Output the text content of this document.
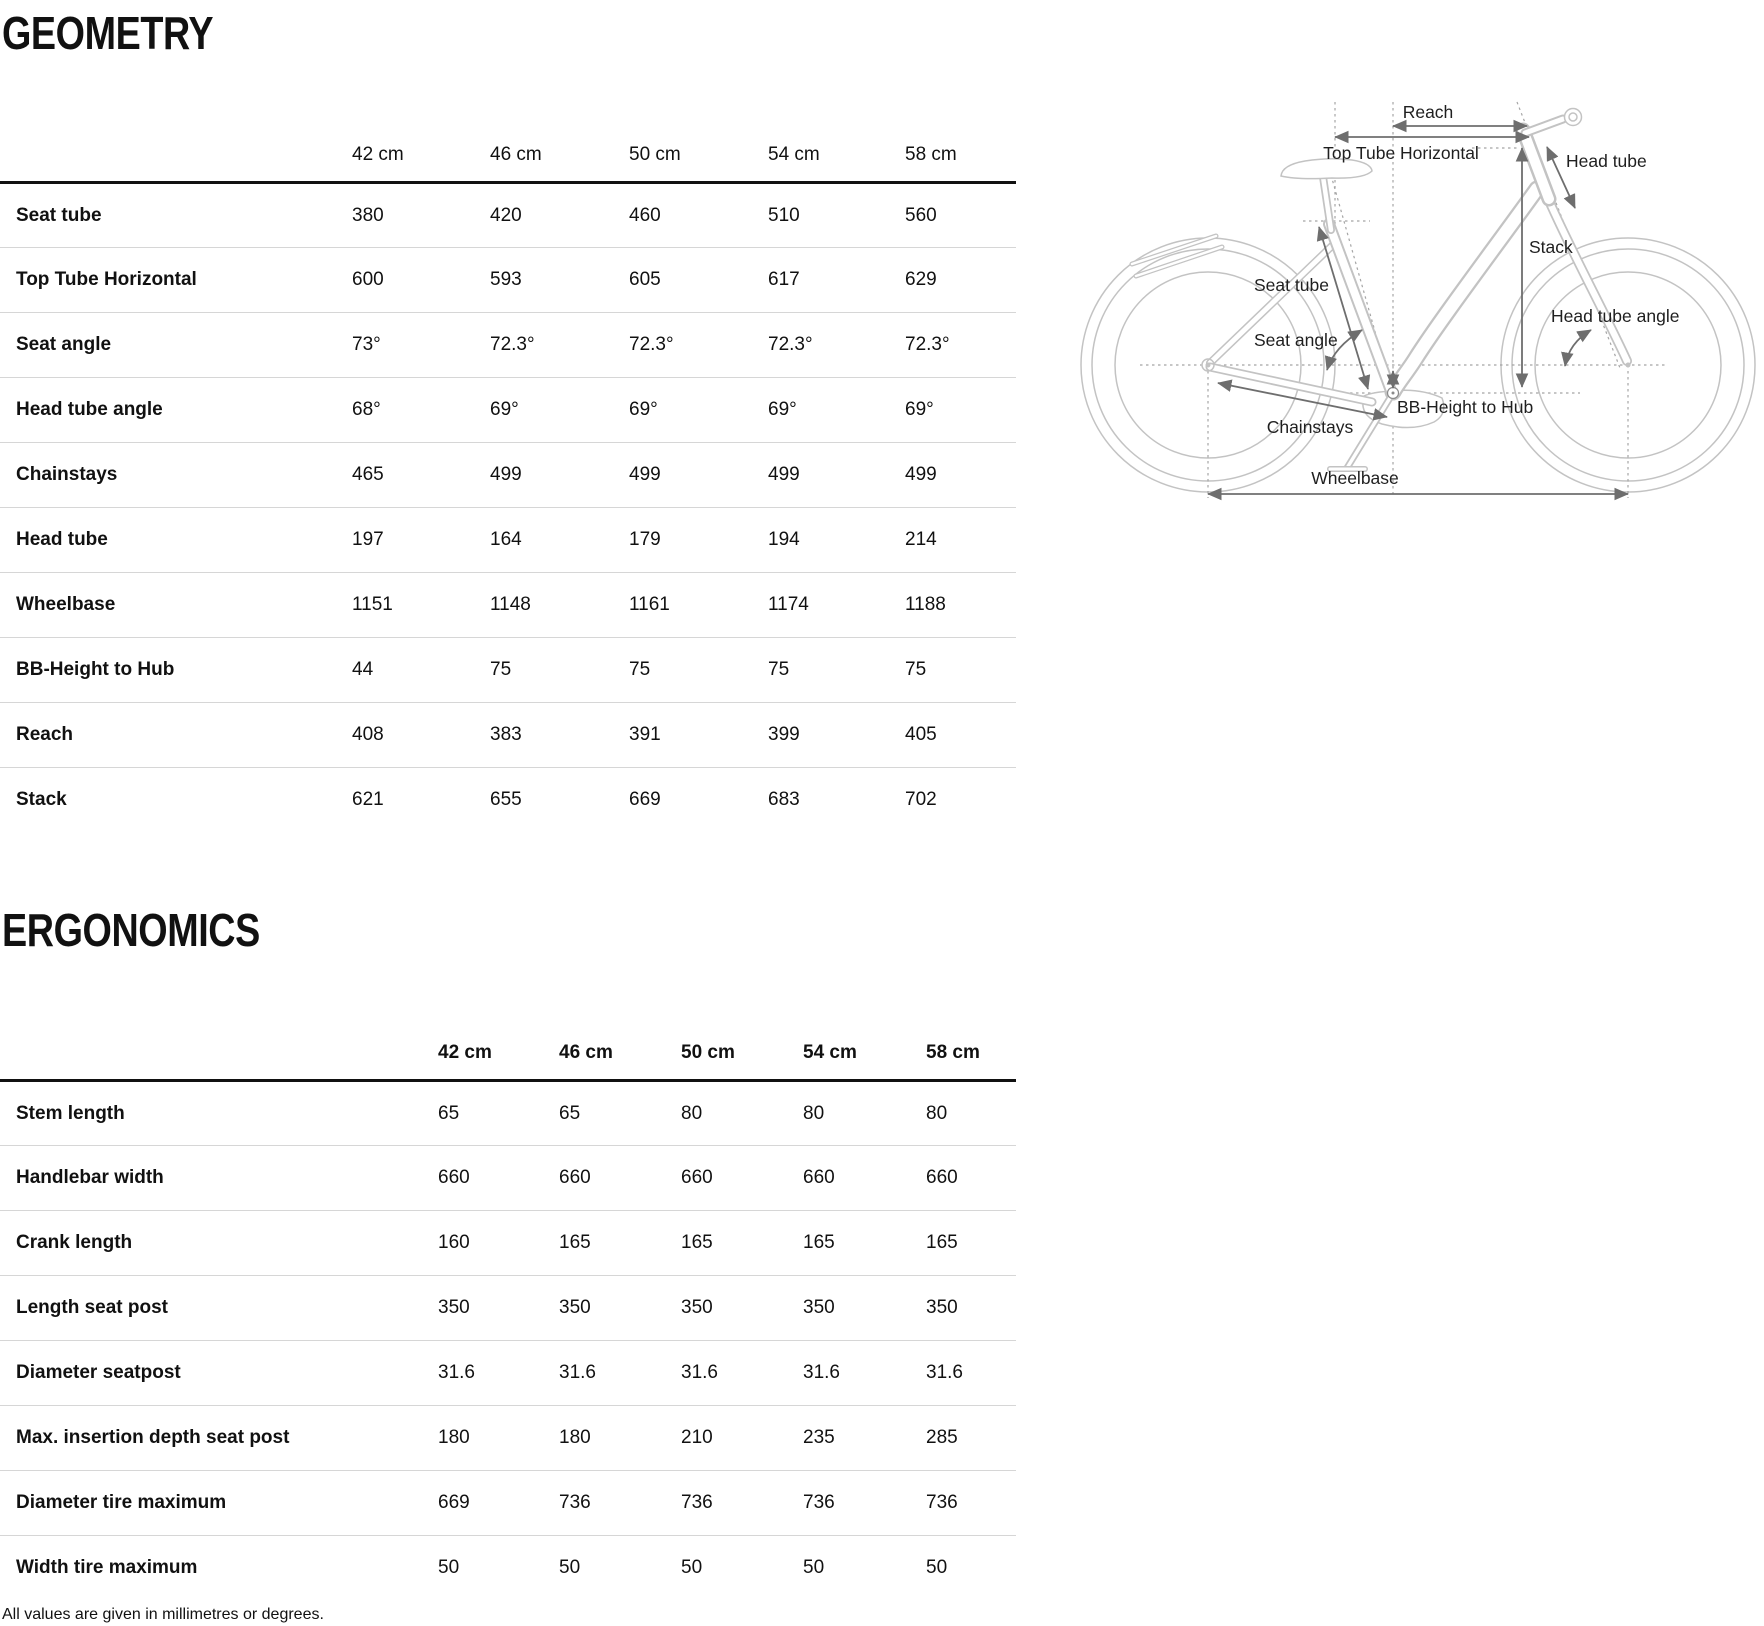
GEOMETRY
	42 cm	46 cm	50 cm	54 cm	58 cm
Seat tube	380	420	460	510	560
Top Tube Horizontal	600	593	605	617	629
Seat angle	73°	72.3°	72.3°	72.3°	72.3°
Head tube angle	68°	69°	69°	69°	69°
Chainstays	465	499	499	499	499
Head tube	197	164	179	194	214
Wheelbase	1151	1148	1161	1174	1188
BB-Height to Hub	44	75	75	75	75
Reach	408	383	391	399	405
Stack	621	655	669	683	702
ERGONOMICS
	42 cm	46 cm	50 cm	54 cm	58 cm
Stem length	65	65	80	80	80
Handlebar width	660	660	660	660	660
Crank length	160	165	165	165	165
Length seat post	350	350	350	350	350
Diameter seatpost	31.6	31.6	31.6	31.6	31.6
Max. insertion depth seat post	180	180	210	235	285
Diameter tire maximum	669	736	736	736	736
Width tire maximum	50	50	50	50	50
All values are given in millimetres or degrees.
Reach
Top Tube Horizontal	Head tube
Stack
Seat tube
Seat angle
Head tube angle
BB-Height to Hub
Chainstays
Wheelbase
